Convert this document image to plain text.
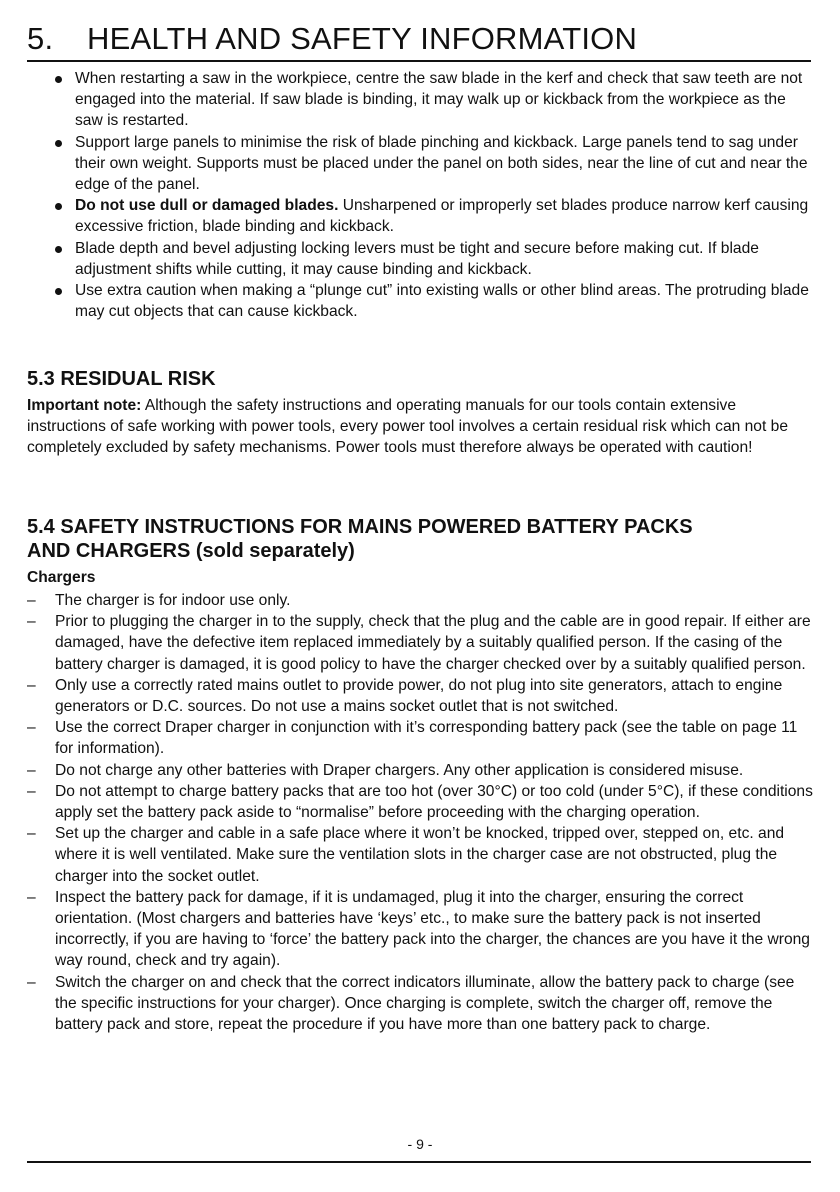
5. HEALTH AND SAFETY INFORMATION
When restarting a saw in the workpiece, centre the saw blade in the kerf and check that saw teeth are not engaged into the material. If saw blade is binding, it may walk up or kickback from the workpiece as the saw is restarted.
Support large panels to minimise the risk of blade pinching and kickback. Large panels tend to sag under their own weight. Supports must be placed under the panel on both sides, near the line of cut and near the edge of the panel.
Do not use dull or damaged blades. Unsharpened or improperly set blades produce narrow kerf causing excessive friction, blade binding and kickback.
Blade depth and bevel adjusting locking levers must be tight and secure before making cut. If blade adjustment shifts while cutting, it may cause binding and kickback.
Use extra caution when making a “plunge cut” into existing walls or other blind areas. The protruding blade may cut objects that can cause kickback.
5.3 RESIDUAL RISK

Important note: Although the safety instructions and operating manuals for our tools contain extensive instructions of safe working with power tools, every power tool involves a certain residual risk which can not be completely excluded by safety mechanisms. Power tools must therefore always be operated with caution!

5.4 SAFETY INSTRUCTIONS FOR MAINS POWERED BATTERY PACKS
AND CHARGERS (sold separately)

Chargers

– The charger is for indoor use only.
– Prior to plugging the charger in to the supply, check that the plug and the cable are in good repair. If either are damaged, have the defective item replaced immediately by a suitably qualified person. If the casing of the battery charger is damaged, it is good policy to have the charger checked over by a suitably qualified person.
– Only use a correctly rated mains outlet to provide power, do not plug into site generators, attach to engine generators or D.C. sources. Do not use a mains socket outlet that is not switched.
– Use the correct Draper charger in conjunction with it’s corresponding battery pack (see the table on page 11 for information).
– Do not charge any other batteries with Draper chargers. Any other application is considered misuse.
– Do not attempt to charge battery packs that are too hot (over 30°C) or too cold (under 5°C), if these conditions apply set the battery pack aside to “normalise” before proceeding with the charging operation.
– Set up the charger and cable in a safe place where it won’t be knocked, tripped over, stepped on, etc. and where it is well ventilated. Make sure the ventilation slots in the charger case are not obstructed, plug the charger into the socket outlet.
– Inspect the battery pack for damage, if it is undamaged, plug it into the charger, ensuring the correct orientation. (Most chargers and batteries have ‘keys’ etc., to make sure the battery pack is not inserted incorrectly, if you are having to ‘force’ the battery pack into the charger, the chances are you have it the wrong way round, check and try again).
– Switch the charger on and check that the correct indicators illuminate, allow the battery pack to charge (see the specific instructions for your charger). Once charging is complete, switch the charger off, remove the battery pack and store, repeat the procedure if you have more than one battery pack to charge.
- 9 -
